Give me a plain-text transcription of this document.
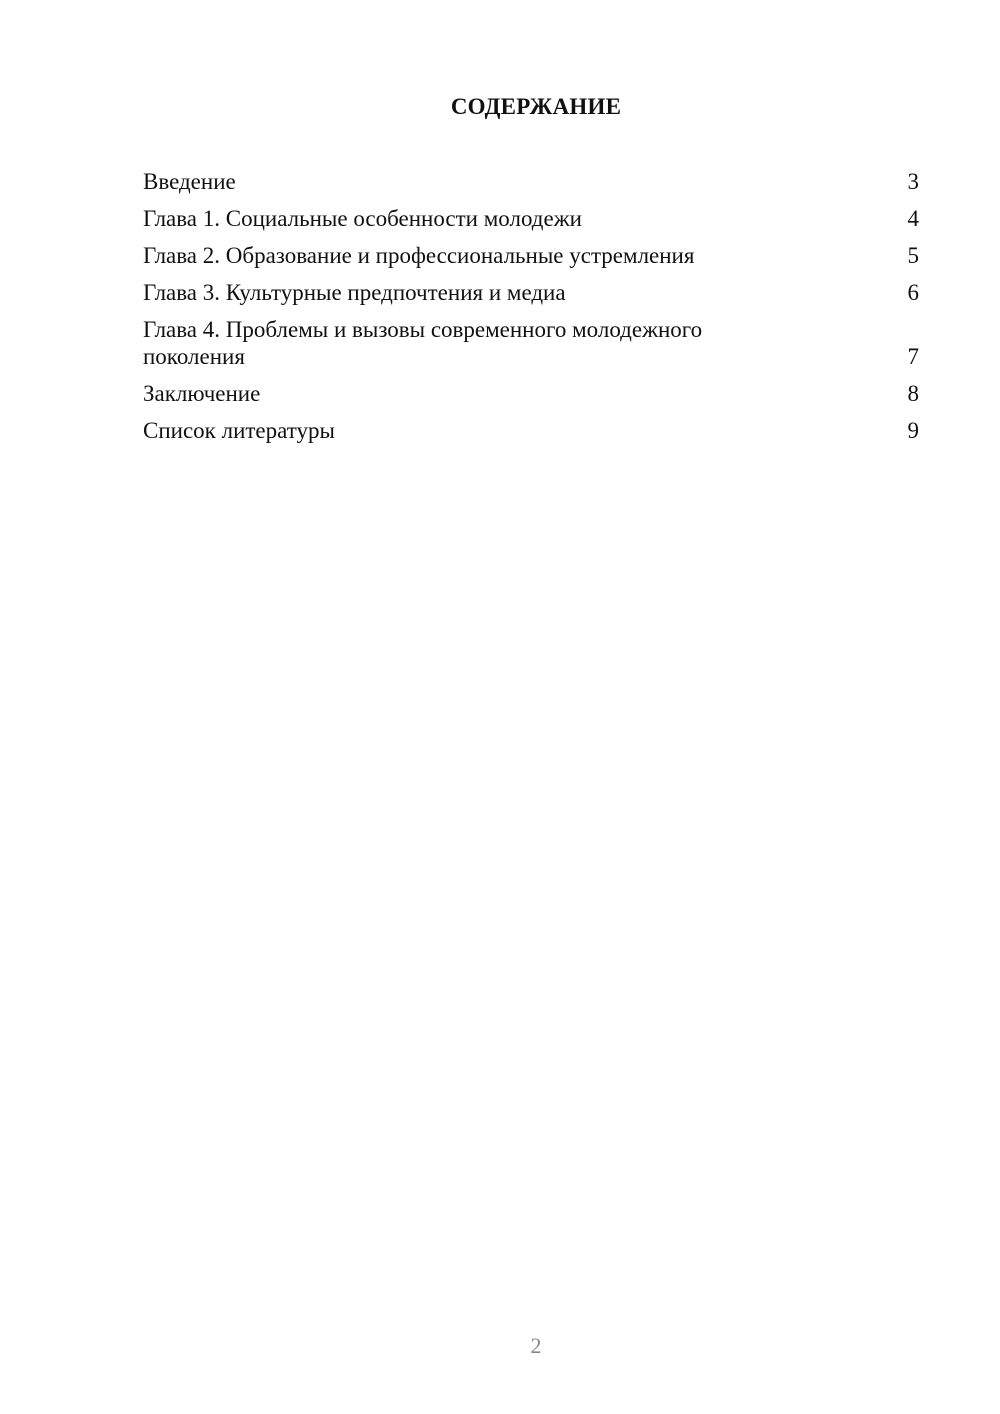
СОДЕРЖАНИЕ
Введение	3
Глава 1. Социальные особенности молодежи	4
Глава 2. Образование и профессиональные устремления	5
Глава 3. Культурные предпочтения и медиа	6
Глава 4. Проблемы и вызовы современного молодежного поколения	7
Заключение	8
Список литературы	9
2
